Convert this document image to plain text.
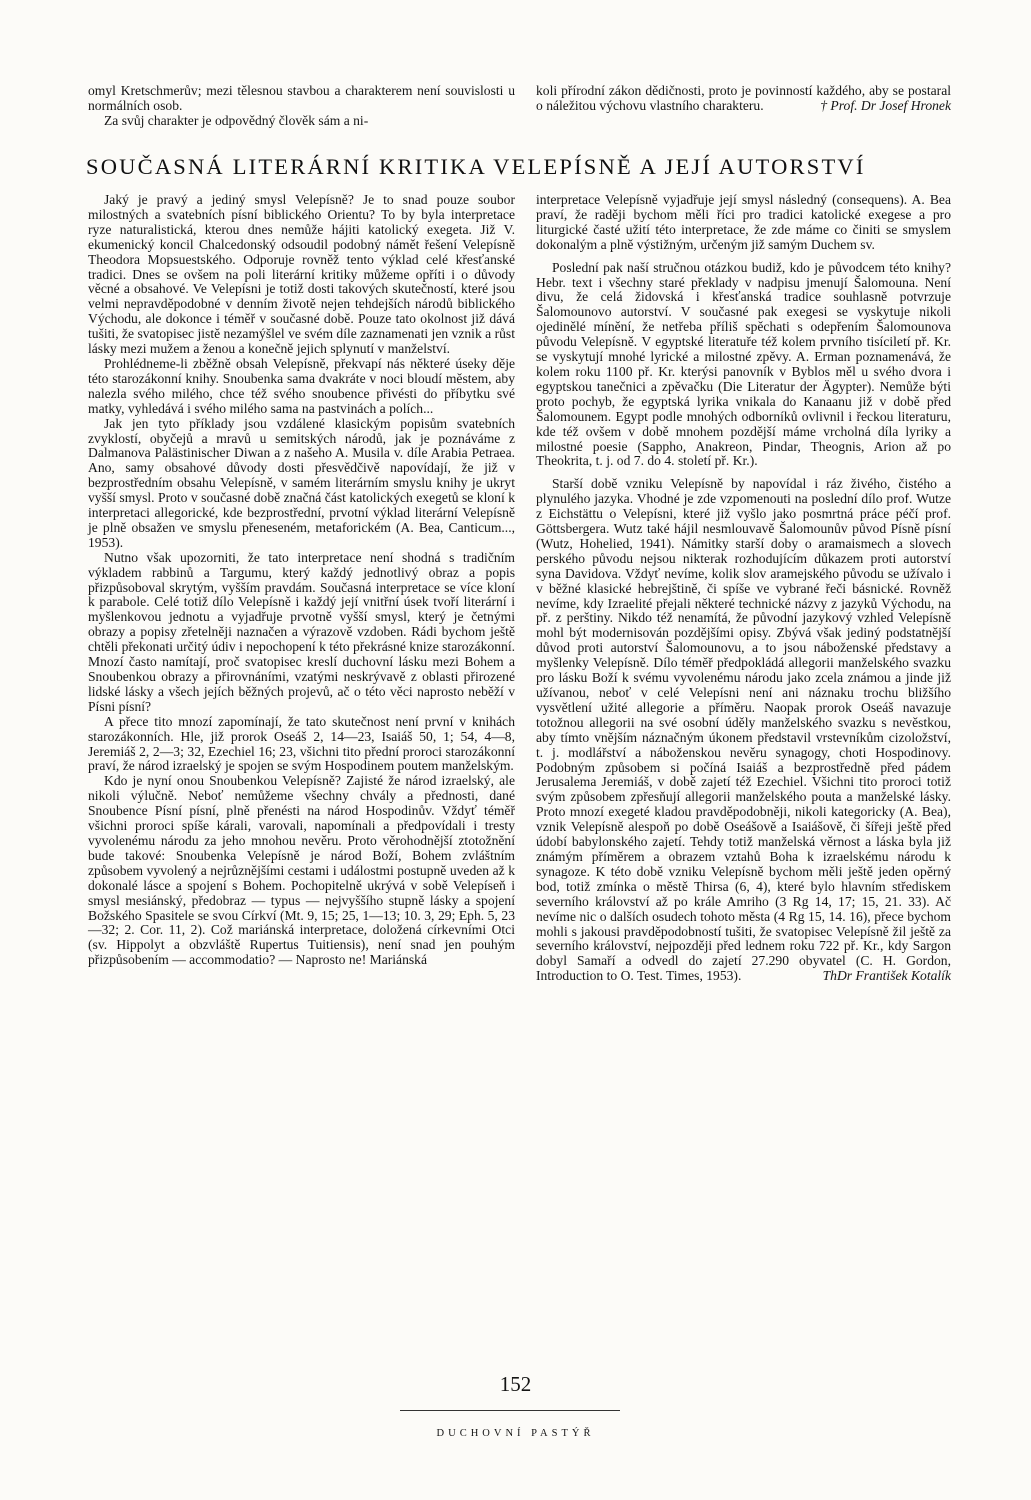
omyl Kretschmerův; mezi tělesnou stavbou a charakterem není souvislosti u normálních osob.

Za svůj charakter je odpovědný člověk sám a ni-

koli přírodní zákon dědičnosti, proto je povinností každého, aby se postaral o náležitou výchovu vlastního charakteru.	† Prof. Dr Josef Hronek

SOUČASNÁ LITERÁRNÍ KRITIKA VELEPÍSNĚ A JEJÍ AUTORSTVÍ

Jaký je pravý a jediný smysl Velepísně? Je to snad pouze soubor milostných a svatebních písní biblického Orientu? To by byla interpretace ryze naturalistická, kterou dnes nemůže hájiti katolický exegeta. Již V. ekumenický koncil Chalcedonský odsoudil podobný námět řešení Velepísně Theodora Mopsuestského. Odporuje rovněž tento výklad celé křesťanské tradici. Dnes se ovšem na poli literární kritiky můžeme opříti i o důvody věcné a obsahové. Ve Velepísni je totiž dosti takových skutečností, které jsou velmi nepravděpodobné v denním životě nejen tehdejších národů biblického Východu, ale dokonce i téměř v současné době. Pouze tato okolnost již dává tušiti, že svatopisec jistě nezamýšlel ve svém díle zaznamenati jen vznik a růst lásky mezi mužem a ženou a konečně jejich splynutí v manželství.

Prohlédneme-li zběžně obsah Velepísně, překvapí nás některé úseky děje této starozákonní knihy. Snoubenka sama dvakráte v noci bloudí městem, aby nalezla svého milého, chce též svého snoubence přivésti do příbytku své matky, vyhledává i svého milého sama na pastvinách a polích...

Jak jen tyto příklady jsou vzdálené klasickým popisům svatebních zvyklostí, obyčejů a mravů u semitských národů, jak je poznáváme z Dalmanova Palästinischer Diwan a z našeho A. Musila v. díle Arabia Petraea. Ano, samy obsahové důvody dosti přesvědčivě napovídají, že již v bezprostředním obsahu Velepísně, v samém literárním smyslu knihy je ukryt vyšší smysl. Proto v současné době značná část katolických exegetů se kloní k interpretaci allegorické, kde bezprostřední, prvotní výklad literární Velepísně je plně obsažen ve smyslu přeneseném, metaforickém (A. Bea, Canticum..., 1953).

Nutno však upozorniti, že tato interpretace není shodná s tradičním výkladem rabbinů a Targumu, který každý jednotlivý obraz a popis přizpůsoboval skrytým, vyšším pravdám. Současná interpretace se více kloní k parabole. Celé totiž dílo Velepísně i každý její vnitřní úsek tvoří literární i myšlenkovou jednotu a vyjadřuje prvotně vyšší smysl, který je četnými obrazy a popisy zřetelněji naznačen a výrazově vzdoben. Rádi bychom ještě chtěli překonati určitý údiv i nepochopení k této překrásné knize starozákonní. Mnozí často namítají, proč svatopisec kreslí duchovní lásku mezi Bohem a Snoubenkou obrazy a přirovnáními, vzatými neskrývavě z oblasti přirozené lidské lásky a všech jejích běžných projevů, ač o této věci naprosto neběží v Písni písní?

A přece tito mnozí zapomínají, že tato skutečnost není první v knihách starozákonních. Hle, již prorok Oseáš 2, 14—23, Isaiáš 50, 1; 54, 4—8, Jeremiáš 2, 2—3; 32, Ezechiel 16; 23, všichni tito přední proroci starozákonní praví, že národ izraelský je spojen se svým Hospodinem poutem manželským.

Kdo je nyní onou Snoubenkou Velepísně? Zajisté že národ izraelský, ale nikoli výlučně. Neboť nemůžeme všechny chvály a přednosti, dané Snoubence Písní písní, plně přenésti na národ Hospodinův. Vždyť téměř všichni proroci spíše kárali, varovali, napomínali a předpovídali i tresty vyvolenému národu za jeho mnohou nevěru. Proto věrohodnější ztotožnění bude takové: Snoubenka Velepísně je národ Boží, Bohem zvláštním způsobem vyvolený a nejrůznějšími cestami i událostmi postupně uveden až k dokonalé lásce a spojení s Bohem. Pochopitelně ukrývá v sobě Velepíseň i smysl mesiánský, předobraz — typus — nejvyššího stupně lásky a spojení Božského Spasitele se svou Církví (Mt. 9, 15; 25, 1—13; 10. 3, 29; Eph. 5, 23—32; 2. Cor. 11, 2). Což mariánská interpretace, doložená církevními Otci (sv. Hippolyt a obzvláště Rupertus Tuitiensis), není snad jen pouhým přizpůsobením — accommodatio? — Naprosto ne! Mariánská

interpretace Velepísně vyjadřuje její smysl následný (consequens). A. Bea praví, že raději bychom měli říci pro tradici katolické exegese a pro liturgické časté užití této interpretace, že zde máme co činiti se smyslem dokonalým a plně výstižným, určeným již samým Duchem sv.

Poslední pak naší stručnou otázkou budiž, kdo je původcem této knihy? Hebr. text i všechny staré překlady v nadpisu jmenují Šalomouna. Není divu, že celá židovská i křesťanská tradice souhlasně potvrzuje Šalomounovo autorství. V současné pak exegesi se vyskytuje nikoli ojedinělé mínění, že netřeba příliš spěchati s odepřením Šalomounova původu Velepísně. V egyptské literatuře též kolem prvního tisíciletí př. Kr. se vyskytují mnohé lyrické a milostné zpěvy. A. Erman poznamenává, že kolem roku 1100 př. Kr. kterýsi panovník v Byblos měl u svého dvora i egyptskou tanečnici a zpěvačku (Die Literatur der Ägypter). Nemůže býti proto pochyb, že egyptská lyrika vnikala do Kanaanu již v době před Šalomounem. Egypt podle mnohých odborníků ovlivnil i řeckou literaturu, kde též ovšem v době mnohem pozdější máme vrcholná díla lyriky a milostné poesie (Sappho, Anakreon, Pindar, Theognis, Arion až po Theokrita, t. j. od 7. do 4. století př. Kr.).

Starší době vzniku Velepísně by napovídal i ráz živého, čistého a plynulého jazyka. Vhodné je zde vzpomenouti na poslední dílo prof. Wutze z Eichstättu o Velepísni, které již vyšlo jako posmrtná práce péčí prof. Göttsbergera. Wutz také hájil nesmlouvavě Šalomounův původ Písně písní (Wutz, Hohelied, 1941). Námitky starší doby o aramaismech a slovech perského původu nejsou nikterak rozhodujícím důkazem proti autorství syna Davidova. Vždyť nevíme, kolik slov aramejského původu se užívalo i v běžné klasické hebrejštině, či spíše ve vybrané řeči básnické. Rovněž nevíme, kdy Izraelité přejali některé technické názvy z jazyků Východu, na př. z perštiny. Nikdo též nenamítá, že původní jazykový vzhled Velepísně mohl být modernisován pozdějšími opisy. Zbývá však jediný podstatnější důvod proti autorství Šalomounovu, a to jsou náboženské představy a myšlenky Velepísně. Dílo téměř předpokládá allegorii manželského svazku pro lásku Boží k svému vyvolenému národu jako zcela známou a jinde již užívanou, neboť v celé Velepísni není ani náznaku trochu bližšího vysvětlení užité allegorie a příměru. Naopak prorok Oseáš navazuje totožnou allegorii na své osobní úděly manželského svazku s nevěstkou, aby tímto vnějším náznačným úkonem představil vrstevníkům cizoložství, t. j. modlářství a náboženskou nevěru synagogy, choti Hospodinovy. Podobným způsobem si počíná Isaiáš a bezprostředně před pádem Jerusalema Jeremiáš, v době zajetí též Ezechiel. Všichni tito proroci totiž svým způsobem zpřesňují allegorii manželského pouta a manželské lásky. Proto mnozí exegeté kladou pravděpodobněji, nikoli kategoricky (A. Bea), vznik Velepísně alespoň po době Oseášově a Isaiášově, či šířeji ještě před údobí babylonského zajetí. Tehdy totiž manželská věrnost a láska byla již známým příměrem a obrazem vztahů Boha k izraelskému národu k synagoze. K této době vzniku Velepísně bychom měli ještě jeden opěrný bod, totiž zmínka o městě Thirsa (6, 4), které bylo hlavním střediskem severního království až po krále Amriho (3 Rg 14, 17; 15, 21. 33). Ač nevíme nic o dalších osudech tohoto města (4 Rg 15, 14. 16), přece bychom mohli s jakousi pravděpodobností tušiti, že svatopisec Velepísně žil ještě za severního království, nejpozději před lednem roku 722 př. Kr., kdy Sargon dobyl Samaří a odvedl do zajetí 27.290 obyvatel (C. H. Gordon, Introduction to O. Test. Times, 1953).	ThDr František Kotalík

152
DUCHOVNÍ PASTÝŘ
